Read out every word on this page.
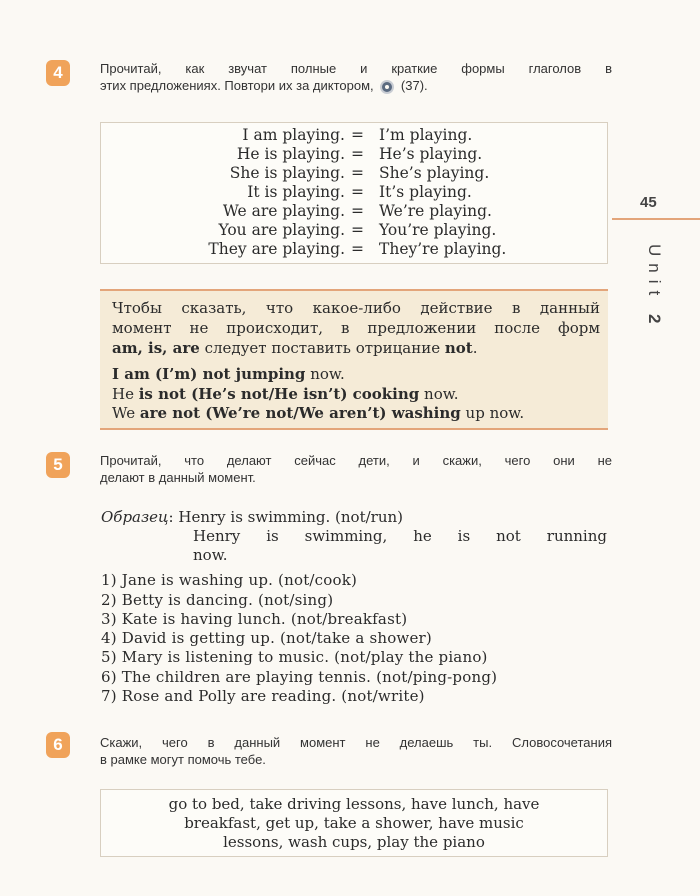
4	Прочитай, как звучат полные и краткие формы глаголов в
этих предложениях. Повтори их за диктором, (37).
I am playing. = I’m playing.
He is playing. = He’s playing.
She is playing. = She’s playing.
It is playing. = It’s playing.
We are playing. = We’re playing.
You are playing. = You’re playing.
They are playing. = They’re playing.
45
Unit 2
Чтобы сказать, что какое-либо действие в данный
момент не происходит, в предложении после форм
am, is, are следует поставить отрицание not.
I am (I’m) not jumping now.
He is not (He’s not/He isn’t) cooking now.
We are not (We’re not/We aren’t) washing up now.
5	Прочитай, что делают сейчас дети, и скажи, чего они не
делают в данный момент.
Образец: Henry is swimming. (not/run)
Henry is swimming, he is not running
now.
1) Jane is washing up. (not/cook)
2) Betty is dancing. (not/sing)
3) Kate is having lunch. (not/breakfast)
4) David is getting up. (not/take a shower)
5) Mary is listening to music. (not/play the piano)
6) The children are playing tennis. (not/ping-pong)
7) Rose and Polly are reading. (not/write)
6	Скажи, чего в данный момент не делаешь ты. Словосочетания
в рамке могут помочь тебе.
go to bed, take driving lessons, have lunch, have
breakfast, get up, take a shower, have music
lessons, wash cups, play the piano
